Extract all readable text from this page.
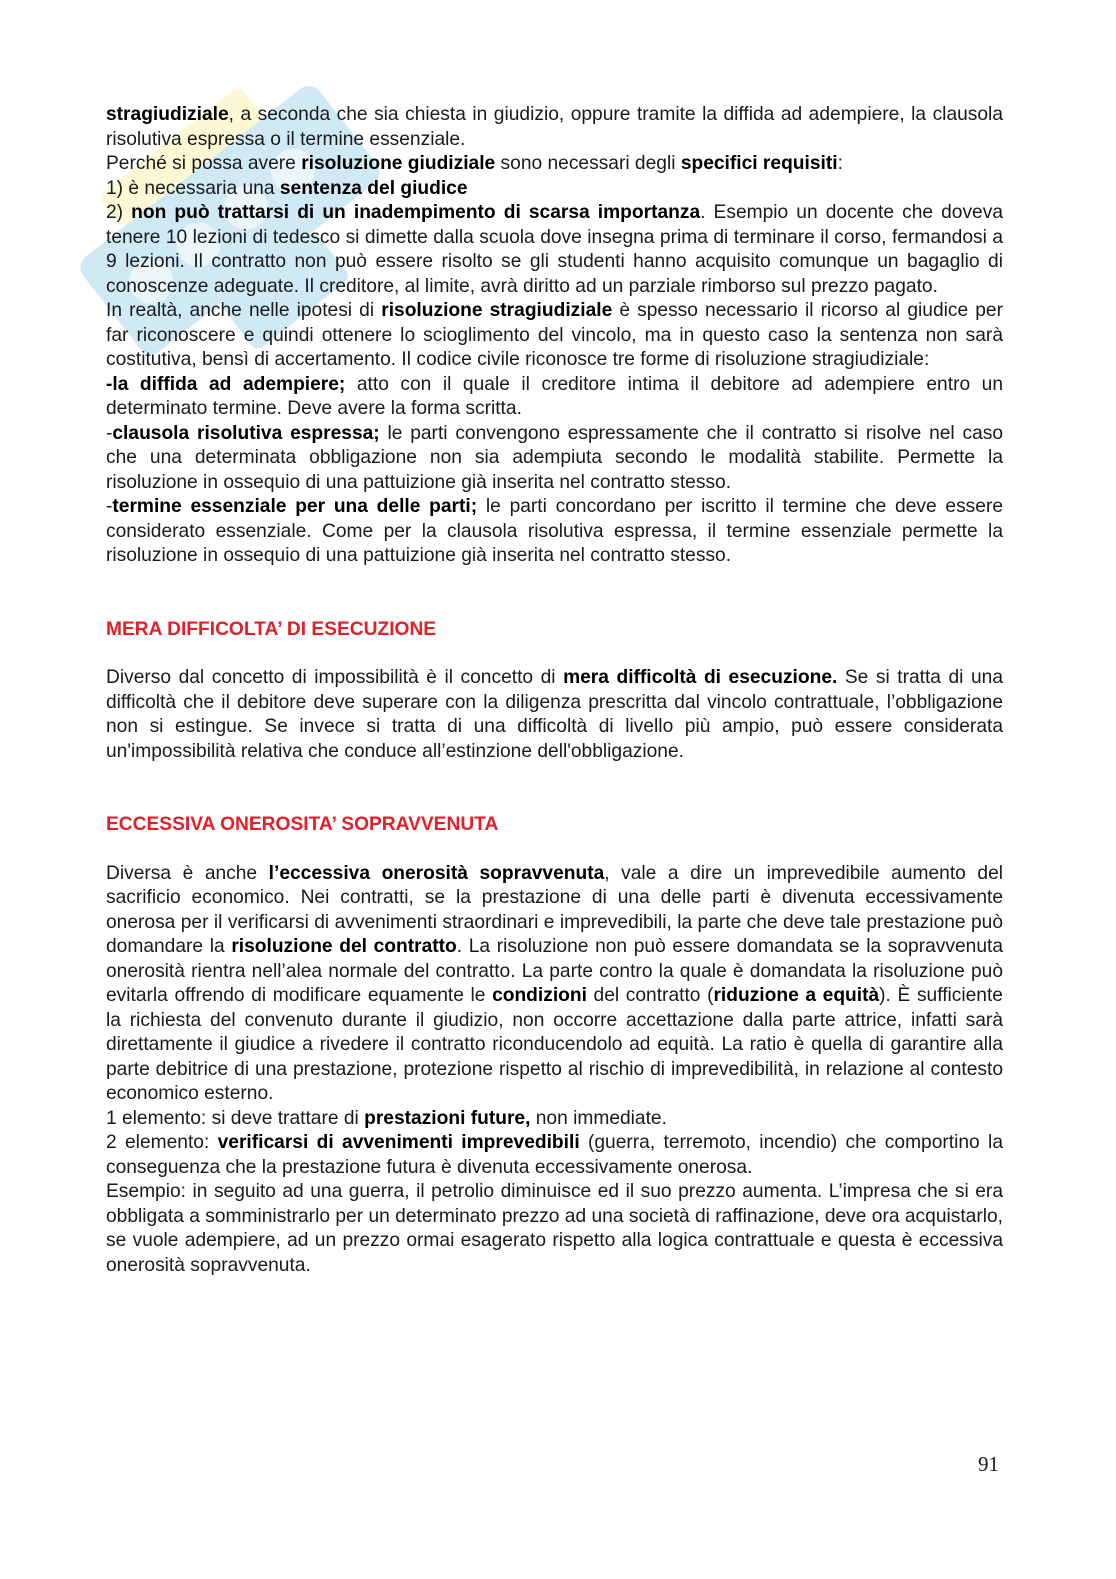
stragiudiziale, a seconda che sia chiesta in giudizio, oppure tramite la diffida ad adempiere, la clausola risolutiva espressa o il termine essenziale.

Perché si possa avere risoluzione giudiziale sono necessari degli specifici requisiti:

1) è necessaria una sentenza del giudice

2) non può trattarsi di un inadempimento di scarsa importanza. Esempio un docente che doveva tenere 10 lezioni di tedesco si dimette dalla scuola dove insegna prima di terminare il corso, fermandosi a 9 lezioni. Il contratto non può essere risolto se gli studenti hanno acquisito comunque un bagaglio di conoscenze adeguate. Il creditore, al limite, avrà diritto ad un parziale rimborso sul prezzo pagato.

In realtà, anche nelle ipotesi di risoluzione stragiudiziale è spesso necessario il ricorso al giudice per far riconoscere e quindi ottenere lo scioglimento del vincolo, ma in questo caso la sentenza non sarà costitutiva, bensì di accertamento. Il codice civile riconosce tre forme di risoluzione stragiudiziale:

-la diffida ad adempiere; atto con il quale il creditore intima il debitore ad adempiere entro un determinato termine. Deve avere la forma scritta.

-clausola risolutiva espressa; le parti convengono espressamente che il contratto si risolve nel caso che una determinata obbligazione non sia adempiuta secondo le modalità stabilite. Permette la risoluzione in ossequio di una pattuizione già inserita nel contratto stesso.

-termine essenziale per una delle parti; le parti concordano per iscritto il termine che deve essere considerato essenziale. Come per la clausola risolutiva espressa, il termine essenziale permette la risoluzione in ossequio di una pattuizione già inserita nel contratto stesso.

MERA DIFFICOLTA’ DI ESECUZIONE

Diverso dal concetto di impossibilità è il concetto di mera difficoltà di esecuzione. Se si tratta di una difficoltà che il debitore deve superare con la diligenza prescritta dal vincolo contrattuale, l’obbligazione non si estingue. Se invece si tratta di una difficoltà di livello più ampio, può essere considerata un'impossibilità relativa che conduce all’estinzione dell'obbligazione.

ECCESSIVA ONEROSITA’ SOPRAVVENUTA

Diversa è anche l’eccessiva onerosità sopravvenuta, vale a dire un imprevedibile aumento del sacrificio economico. Nei contratti, se la prestazione di una delle parti è divenuta eccessivamente onerosa per il verificarsi di avvenimenti straordinari e imprevedibili, la parte che deve tale prestazione può domandare la risoluzione del contratto. La risoluzione non può essere domandata se la sopravvenuta onerosità rientra nell’alea normale del contratto. La parte contro la quale è domandata la risoluzione può evitarla offrendo di modificare equamente le condizioni del contratto (riduzione a equità). È sufficiente la richiesta del convenuto durante il giudizio, non occorre accettazione dalla parte attrice, infatti sarà direttamente il giudice a rivedere il contratto riconducendolo ad equità. La ratio è quella di garantire alla parte debitrice di una prestazione, protezione rispetto al rischio di imprevedibilità, in relazione al contesto economico esterno.

1 elemento: si deve trattare di prestazioni future, non immediate.

2 elemento: verificarsi di avvenimenti imprevedibili (guerra, terremoto, incendio) che comportino la conseguenza che la prestazione futura è divenuta eccessivamente onerosa.

Esempio: in seguito ad una guerra, il petrolio diminuisce ed il suo prezzo aumenta. L’impresa che si era obbligata a somministrarlo per un determinato prezzo ad una società di raffinazione, deve ora acquistarlo, se vuole adempiere, ad un prezzo ormai esagerato rispetto alla logica contrattuale e questa è eccessiva onerosità sopravvenuta.

91
